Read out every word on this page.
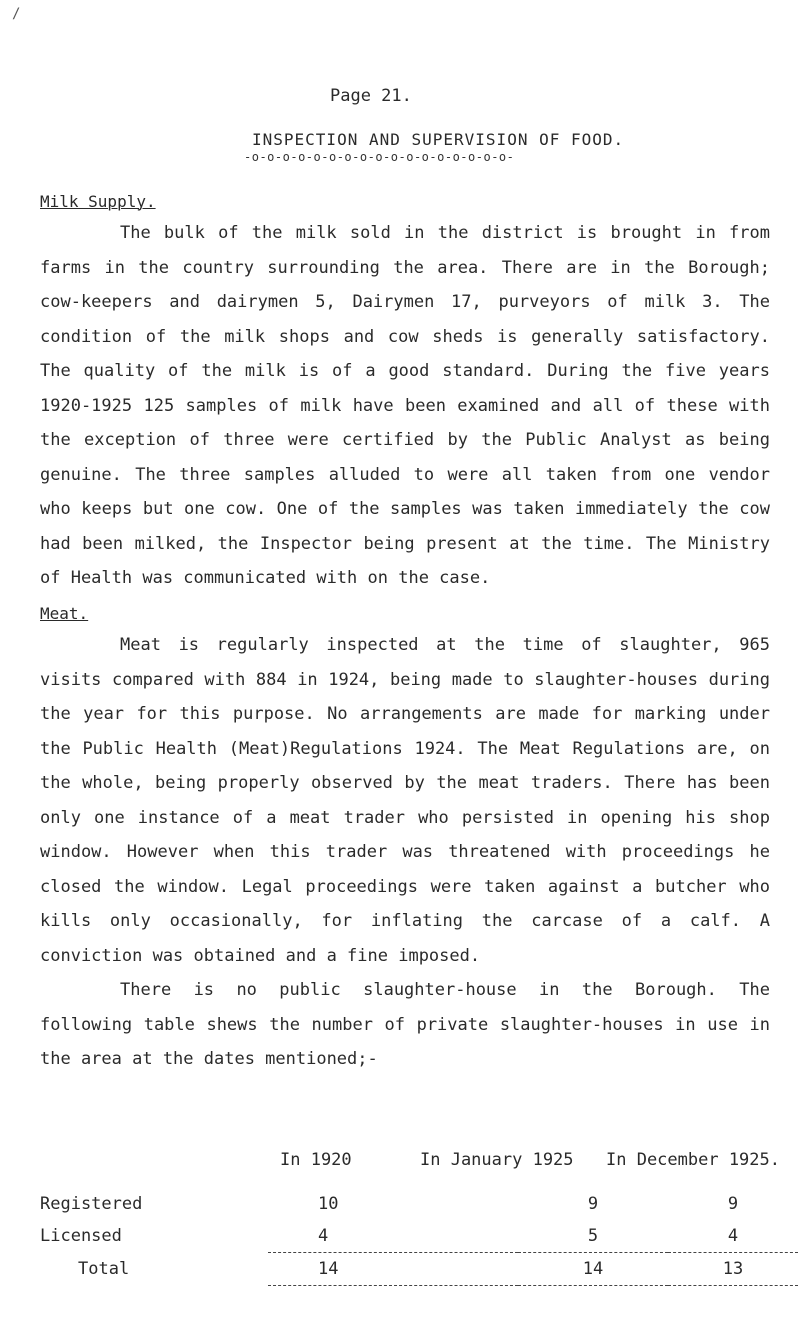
/
Page 21.
INSPECTION AND SUPERVISION OF FOOD.
-o-o-o-o-o-o-o-o-o-o-o-o-o-o-o-o-o-
Milk Supply.

The bulk of the milk sold in the district is brought in from farms in the country surrounding the area. There are in the Borough; cow-keepers and dairymen 5, Dairymen 17, purveyors of milk 3. The condition of the milk shops and cow sheds is generally satisfactory. The quality of the milk is of a good standard. During the five years 1920-1925 125 samples of milk have been examined and all of these with the exception of three were certified by the Public Analyst as being genuine. The three samples alluded to were all taken from one vendor who keeps but one cow. One of the samples was taken immediately the cow had been milked, the Inspector being present at the time. The Ministry of Health was communicated with on the case.

Meat.

Meat is regularly inspected at the time of slaughter, 965 visits compared with 884 in 1924, being made to slaughter-houses during the year for this purpose. No arrangements are made for marking under the Public Health (Meat)Regulations 1924. The Meat Regulations are, on the whole, being properly observed by the meat traders. There has been only one instance of a meat trader who persisted in opening his shop window. However when this trader was threatened with proceedings he closed the window. Legal proceedings were taken against a butcher who kills only occasionally, for inflating the carcase of a calf. A conviction was obtained and a fine imposed.

There is no public slaughter-house in the Borough. The following table shews the number of private slaughter-houses in use in the area at the dates mentioned;-

In 1920	In January 1925 In December 1925.
Registered	10	9	9
Licensed	4	5	4
Total	14	14	13
